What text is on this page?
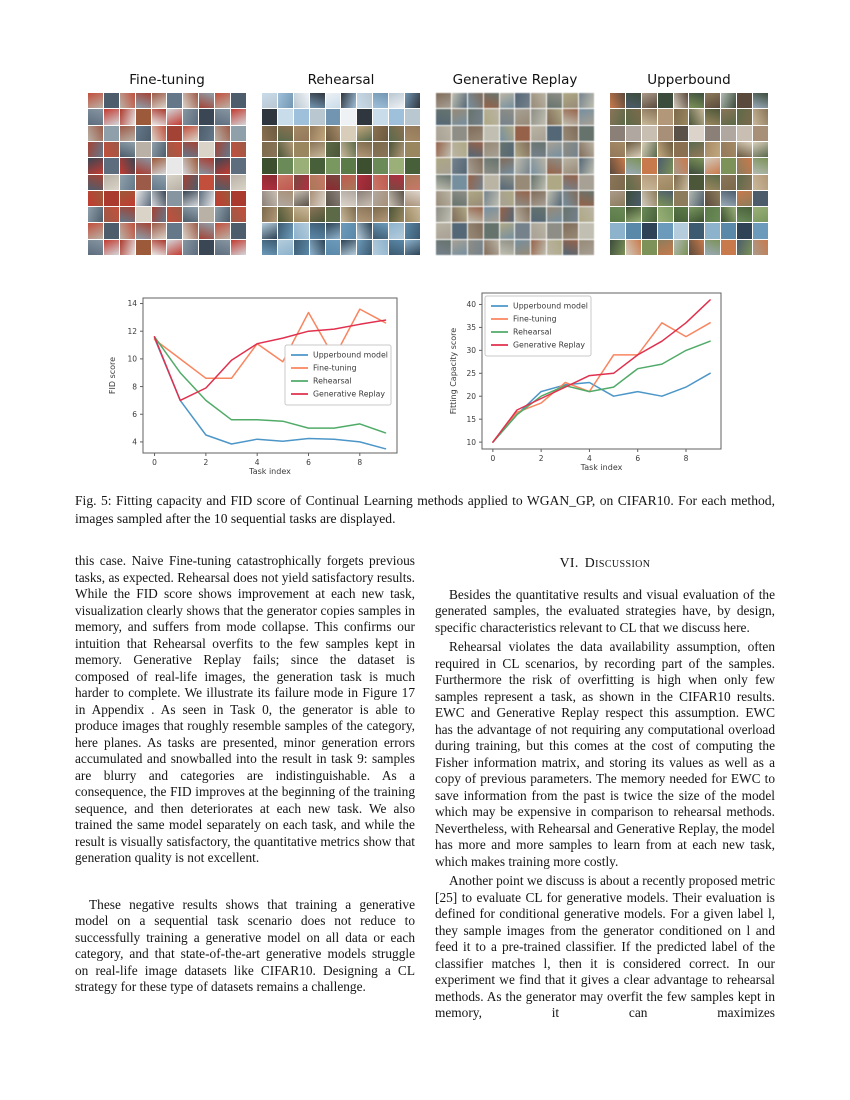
Fine-tuning	Rehearsal	Generative Replay	Upperbound
0	2	4	6	8
4
6
8
10
12
14
Task index
FID score
Upperbound model
Fine-tuning
Rehearsal
Generative Replay
0	2	4	6	8
10
15
20
25
30
35
40
Task index
Fitting Capacity score
Upperbound model
Fine-tuning
Rehearsal
Generative Replay
Fig. 5: Fitting capacity and FID score of Continual Learning methods applied to WGAN_GP, on CIFAR10. For each method, images sampled after the 10 sequential tasks are displayed.

this case. Naive Fine-tuning catastrophically forgets previous tasks, as expected. Rehearsal does not yield satisfactory results. While the FID score shows improvement at each new task, visualization clearly shows that the generator copies samples in memory, and suffers from mode collapse. This confirms our intuition that Rehearsal overfits to the few samples kept in memory. Generative Replay fails; since the dataset is composed of real-life images, the generation task is much harder to complete. We illustrate its failure mode in Figure 17 in Appendix . As seen in Task 0, the generator is able to produce images that roughly resemble samples of the category, here planes. As tasks are presented, minor generation errors accumulated and snowballed into the result in task 9: samples are blurry and categories are indistinguishable. As a consequence, the FID improves at the beginning of the training sequence, and then deteriorates at each new task. We also trained the same model separately on each task, and while the result is visually satisfactory, the quantitative metrics show that generation quality is not excellent.

These negative results shows that training a generative model on a sequential task scenario does not reduce to successfully training a generative model on all data or each category, and that state-of-the-art generative models struggle on real-life image datasets like CIFAR10. Designing a CL strategy for these type of datasets remains a challenge.

VI. Discussion

Besides the quantitative results and visual evaluation of the generated samples, the evaluated strategies have, by design, specific characteristics relevant to CL that we discuss here.

Rehearsal violates the data availability assumption, often required in CL scenarios, by recording part of the samples. Furthermore the risk of overfitting is high when only few samples represent a task, as shown in the CIFAR10 results. EWC and Generative Replay respect this assumption. EWC has the advantage of not requiring any computational overload during training, but this comes at the cost of computing the Fisher information matrix, and storing its values as well as a copy of previous parameters. The memory needed for EWC to save information from the past is twice the size of the model which may be expensive in comparison to rehearsal methods. Nevertheless, with Rehearsal and Generative Replay, the model has more and more samples to learn from at each new task, which makes training more costly.

Another point we discuss is about a recently proposed metric [25] to evaluate CL for generative models. Their evaluation is defined for conditional generative models. For a given label l, they sample images from the generator conditioned on l and feed it to a pre-trained classifier. If the predicted label of the classifier matches l, then it is considered correct. In our experiment we find that it gives a clear advantage to rehearsal methods. As the generator may overfit the few samples kept in memory, it can maximizes
